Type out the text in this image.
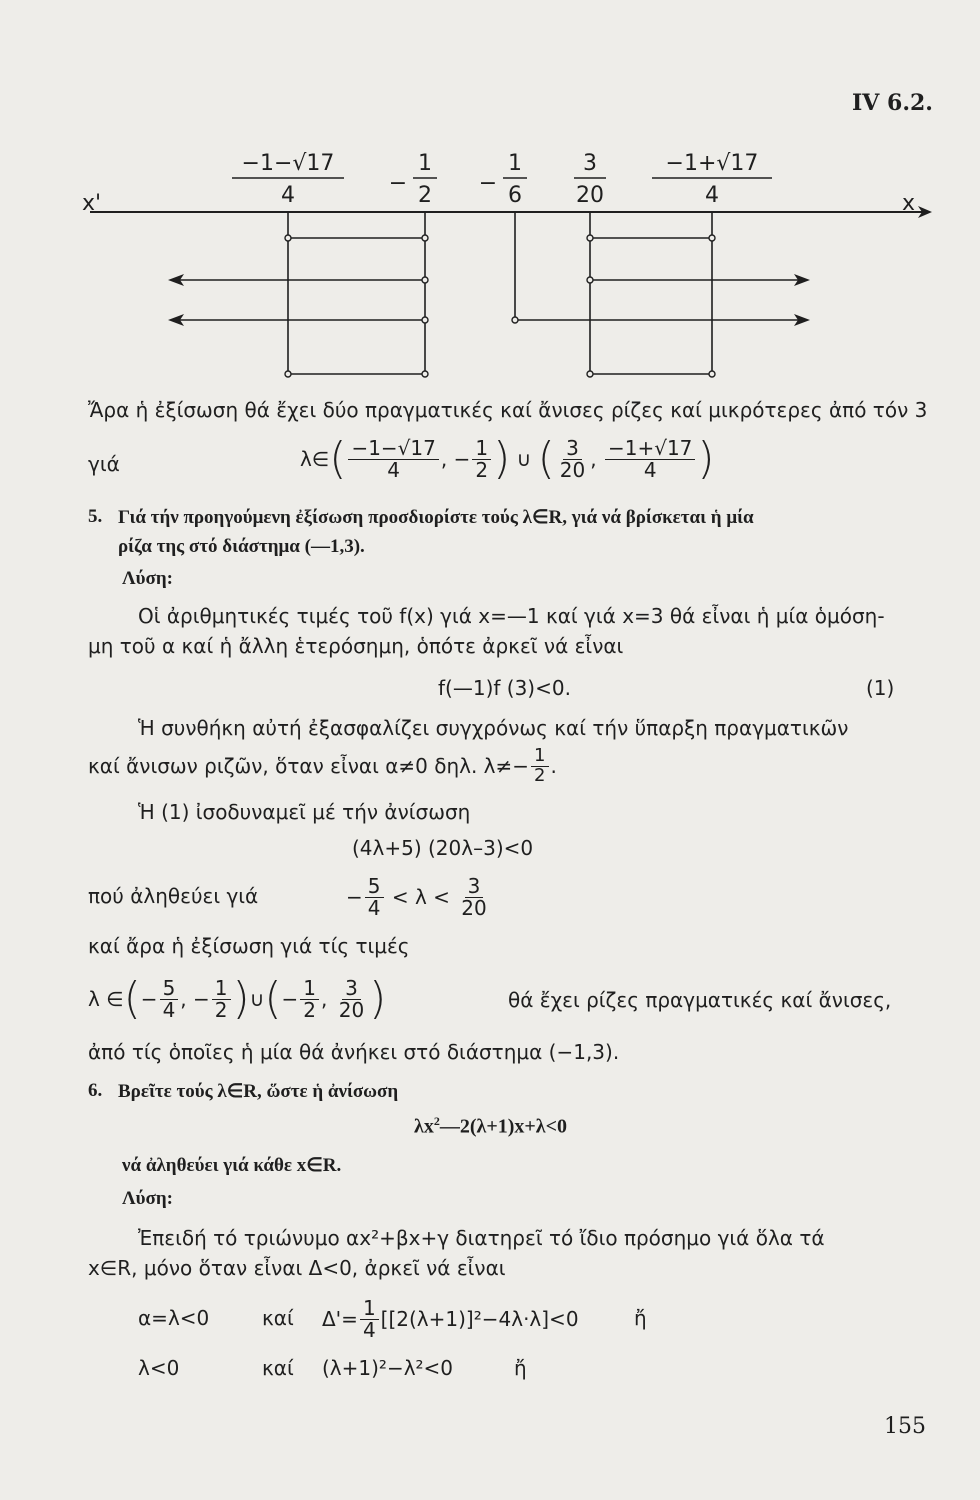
IV 6.2.
x'	x
−1−√17
4	−
1
2 −
1
6
3
20
−1+√17
4
Ἄρα ἡ ἐξίσωση θά ἔχει δύο πραγματικές καί ἄνισες ρίζες καί μικρότερες ἀπό τόν 3
γιά	λ∈ ( $\frac{-1-√17}{4}$ , − $\frac{1}{2}$ )
∪
( $\frac{3}{20}$ , $\frac{-1+√17}{4}$ )
5. Γιά τήν προηγούμενη ἐξίσωση προσδιορίστε τούς λ∈R, γιά νά βρίσκεται ἡ μία
ρίζα της στό διάστημα (—1,3).
Λύση:
Οἱ ἀριθμητικές τιμές τοῦ f(x) γιά x=—1 καί γιά x=3 θά εἶναι ἡ μία ὁμόση-
μη τοῦ α καί ἡ ἄλλη ἑτερόσημη, ὁπότε ἀρκεῖ νά εἶναι
f(—1)f (3)<0.	(1)
Ἡ συνθήκη αὐτή ἐξασφαλίζει συγχρόνως καί τήν ὕπαρξη πραγματικῶν
καί ἄνισων ριζῶν, ὅταν εἶναι α≠0 δηλ. $\lambda\ne- \frac{1}{2}$ .
Ἡ (1) ἰσοδυναμεῖ μέ τήν ἀνίσωση
(4λ+5) (20λ–3)<0
πού ἀληθεύει γιά	− $\frac{5}{4}$
< λ <
$\frac{3}{20}$
καί ἄρα ἡ ἐξίσωση γιά τίς τιμές
λ ∈ ( − $\frac{5}{4}$ , − $\frac{1}{2}$ ) ∪ ( − $\frac{1}{2}$ , $\frac{3}{20}$ )	θά ἔχει ρίζες πραγματικές καί ἄνισες,
ἀπό τίς ὁποῖες ἡ μία θά ἀνήκει στό διάστημα (−1,3).
6. Βρεῖτε τούς λ∈R, ὥστε ἡ ἀνίσωση
$\lambda x^2—2(\lambda+1)x+\lambda<0$
νά ἀληθεύει γιά κάθε x∈R.
Λύση:
Ἐπειδή τό τριώνυμο αx²+βx+γ διατηρεῖ τό ἴδιο πρόσημο γιά ὅλα τά
x∈R, μόνο ὅταν εἶναι Δ<0, ἀρκεῖ νά εἶναι
α=λ<0	καί $\Delta'= \frac{1}{4} [[2(\lambda+1)]^2-4\lambda\cdot\lambda]<0$	ἤ
λ<0	καί (λ+1)²−λ²<0	ἤ
155
